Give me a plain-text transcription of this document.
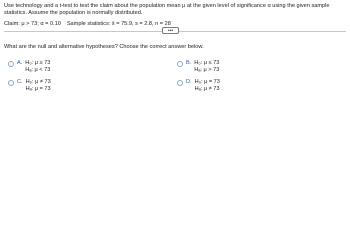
Use technology and a t-test to test the claim about the population mean μ at the given level of significance α using the given sample statistics. Assume the population is normally distributed.
Claim: μ > 73; α = 0.10 Sample statistics: x̄ = 75.9, s = 2.8, n = 28
•••
What are the null and alternative hypotheses? Choose the correct answer below.
A. H₀: μ ≥ 73
Hₐ: μ < 73
B. H₀: μ ≤ 73
Hₐ: μ > 73
C. H₀: μ ≠ 73
Hₐ: μ = 73
D. H₀: μ = 73
Hₐ: μ ≠ 73
